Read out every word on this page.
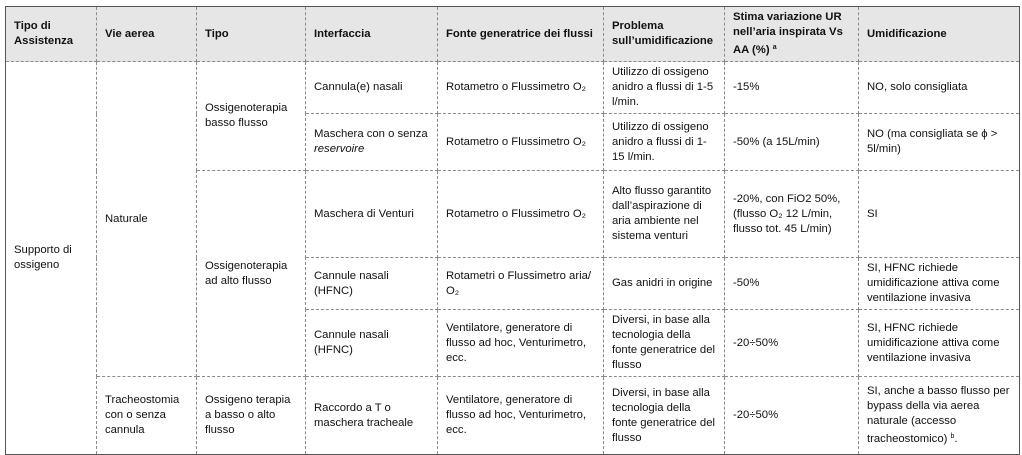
Tipo di Assistenza	Vie aerea	Tipo	Interfaccia	Fonte generatrice dei flussi	Problema sull’umidificazione	Stima variazione UR nell’aria inspirata Vs AA (%) $^a$	Umidificazione
Supporto di ossigeno	Naturale	Ossigenoterapia basso flusso	Cannula(e) nasali	Rotametro o Flussimetro O₂	Utilizzo di ossigeno anidro a flussi di 1-5 l/min.	-15%	NO, solo consigliata
			Maschera con o senza reservoire	Rotametro o Flussimetro O₂	Utilizzo di ossigeno anidro a flussi di 1-15 l/min.	-50% (a 15L/min)	NO (ma consigliata se ϕ > 5l/min)
		Ossigenoterapia ad alto flusso	Maschera di Venturi	Rotametro o Flussimetro O₂	Alto flusso garantito dall’aspirazione di aria ambiente nel sistema venturi	-20%, con FiO2 50%, (flusso O₂ 12 L/min, flusso tot. 45 L/min)	SI
			Cannule nasali (HFNC)	Rotametri o Flussimetro aria/ O₂	Gas anidri in origine	-50%	SI, HFNC richiede umidificazione attiva come ventilazione invasiva
			Cannule nasali (HFNC)	Ventilatore, generatore di flusso ad hoc, Venturimetro, ecc.	Diversi, in base alla tecnologia della fonte generatrice del flusso	-20÷50%	SI, HFNC richiede umidificazione attiva come ventilazione invasiva
	Tracheostomia con o senza cannula	Ossigeno terapia a basso o alto flusso	Raccordo a T o maschera tracheale	Ventilatore, generatore di flusso ad hoc, Venturimetro, ecc.	Diversi, in base alla tecnologia della fonte generatrice del flusso	-20÷50%	SI, anche a basso flusso per bypass della via aerea naturale (accesso tracheostomico) $^b$.
